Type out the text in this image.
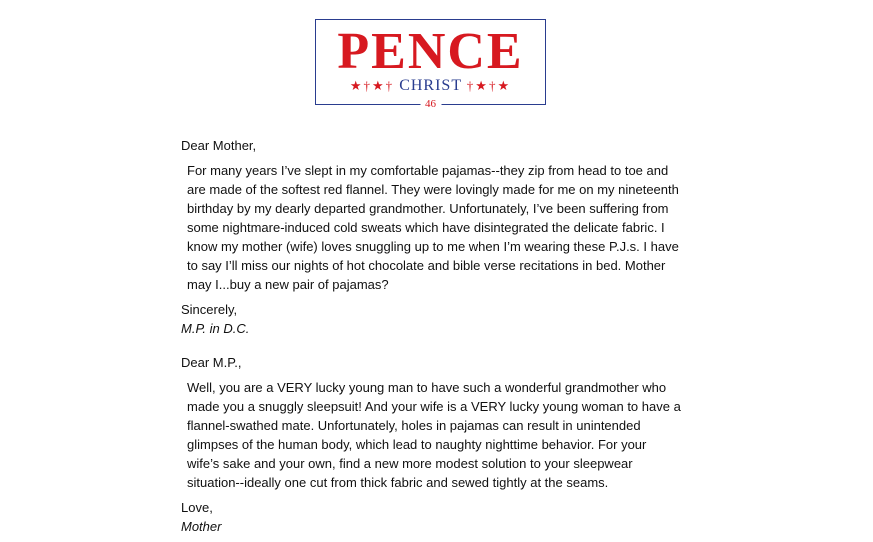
PENCE
★†★† CHRIST †★†★
46

Dear Mother,

For many years I’ve slept in my comfortable pajamas--they zip from head to toe and are made of the softest red flannel. They were lovingly made for me on my nineteenth birthday by my dearly departed grandmother. Unfortunately, I’ve been suffering from some nightmare-induced cold sweats which have disintegrated the delicate fabric. I know my mother (wife) loves snuggling up to me when I’m wearing these P.J.s. I have to say I’ll miss our nights of hot chocolate and bible verse recitations in bed. Mother may I...buy a new pair of pajamas?

Sincerely,

M.P. in D.C.

Dear M.P.,

Well, you are a VERY lucky young man to have such a wonderful grandmother who made you a snuggly sleepsuit! And your wife is a VERY lucky young woman to have a flannel-swathed mate. Unfortunately, holes in pajamas can result in unintended glimpses of the human body, which lead to naughty nighttime behavior. For your wife’s sake and your own, find a new more modest solution to your sleepwear situation--ideally one cut from thick fabric and sewed tightly at the seams.

Love,

Mother
